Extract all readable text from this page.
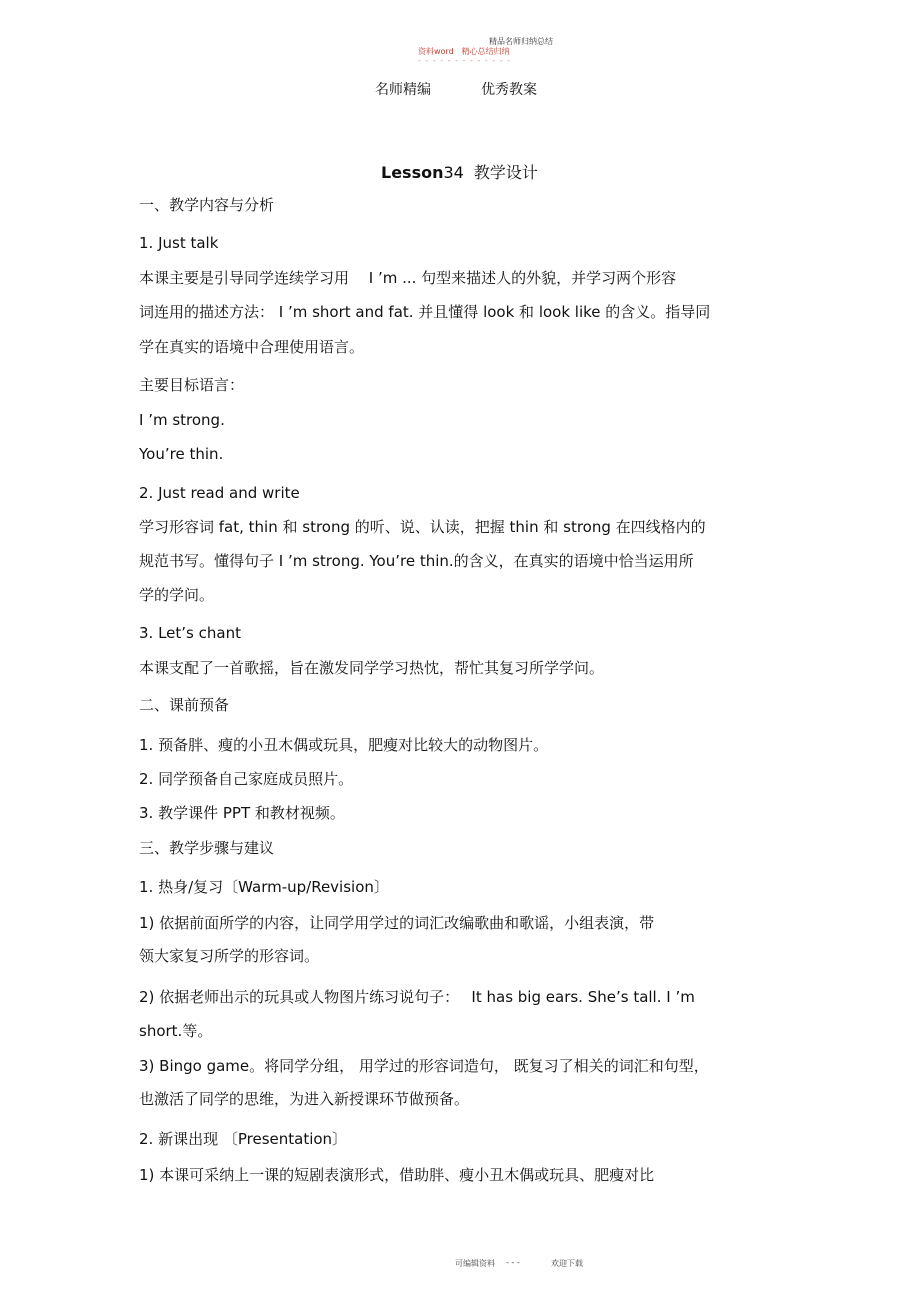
精品名师归纳总结
资料word　精心总结归纳
- - - - - - - - - - - - -
名师精编	优秀教案
Lesson34 教学设计
一、教学内容与分析
1. Just talk
本课主要是引导同学连续学习用　 I ’m ... 句型来描述人的外貌，并学习两个形容
词连用的描述方法： I ’m short and fat. 并且懂得 look 和 look like 的含义。指导同
学在真实的语境中合理使用语言。
主要目标语言：
I ’m strong.
You’re thin.
2. Just read and write
学习形容词 fat, thin 和 strong 的听、说、认读，把握 thin 和 strong 在四线格内的
规范书写。懂得句子 I ’m strong. You’re thin.的含义，在真实的语境中恰当运用所
学的学问。
3. Let’s chant
本课支配了一首歌摇，旨在激发同学学习热忱，帮忙其复习所学学问。
二、课前预备
1. 预备胖、瘦的小丑木偶或玩具，肥瘦对比较大的动物图片。
2. 同学预备自己家庭成员照片。
3. 教学课件 PPT 和教材视频。
三、教学步骤与建议
1. 热身/复习〔Warm-up/Revision〕
1) 依据前面所学的内容，让同学用学过的词汇改编歌曲和歌谣，小组表演，带
领大家复习所学的形容词。
2) 依据老师出示的玩具或人物图片练习说句子：　 It has big ears. She’s tall. I ’m
short.等。
3) Bingo game。将同学分组， 用学过的形容词造句， 既复习了相关的词汇和句型，
也激活了同学的思维，为进入新授课环节做预备。
2. 新课出现 〔Presentation〕
1) 本课可采纳上一课的短剧表演形式，借助胖、瘦小丑木偶或玩具、肥瘦对比
可编辑资料 - - -	欢迎下载
